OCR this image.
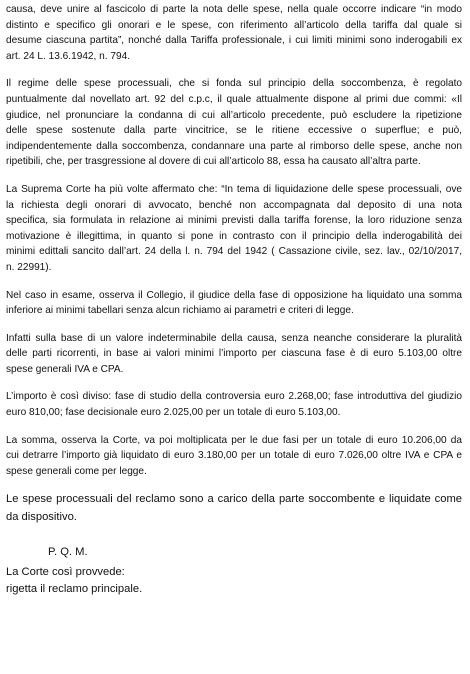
causa, deve unire al fascicolo di parte la nota delle spese, nella quale occorre indicare “in modo
distinto e specifico gli onorari e le spese, con riferimento all’articolo della tariffa dal quale si
desume ciascuna partita”, nonché dalla Tariffa professionale, i cui limiti minimi sono inderogabili ex
art. 24 L. 13.6.1942, n. 794.

Il regime delle spese processuali, che si fonda sul principio della soccombenza, è regolato
puntualmente dal novellato art. 92 del c.p.c, il quale attualmente dispone al primi due commi: «Il
giudice, nel pronunciare la condanna di cui all’articolo precedente, può escludere la ripetizione
delle spese sostenute dalla parte vincitrice, se le ritiene eccessive o superflue; e può,
indipendentemente dalla soccombenza, condannare una parte al rimborso delle spese, anche non
ripetibili, che, per trasgressione al dovere di cui all’articolo 88, essa ha causato all’altra parte.

La Suprema Corte ha più volte affermato che: “In tema di liquidazione delle spese processuali, ove
la richiesta degli onorari di avvocato, benché non accompagnata dal deposito di una nota
specifica, sia formulata in relazione ai minimi previsti dalla tariffa forense, la loro riduzione senza
motivazione è illegittima, in quanto si pone in contrasto con il principio della inderogabilità dei
minimi edittali sancito dall’art. 24 della l. n. 794 del 1942 ( Cassazione civile, sez. lav., 02/10/2017,
n. 22991).

Nel caso in esame, osserva il Collegio, il giudice della fase di opposizione ha liquidato una somma
inferiore ai minimi tabellari senza alcun richiamo ai parametri e criteri di legge.

Infatti sulla base di un valore indeterminabile della causa, senza neanche considerare la pluralità
delle parti ricorrenti, in base ai valori minimi l’importo per ciascuna fase è di euro 5.103,00 oltre
spese generali IVA e CPA.

L’importo è così diviso: fase di studio della controversia euro 2.268,00; fase introduttiva del giudizio
euro 810,00; fase decisionale euro 2.025,00 per un totale di euro 5.103,00.

La somma, osserva la Corte, va poi moltiplicata per le due fasi per un totale di euro 10.206,00 da
cui detrarre l’importo già liquidato di euro 3.180,00 per un totale di euro 7.026,00 oltre IVA e CPA e
spese generali come per legge.

Le spese processuali del reclamo sono a carico della parte soccombente e liquidate come
da dispositivo.

P. Q. M.
La Corte così provvede:
rigetta il reclamo principale.
